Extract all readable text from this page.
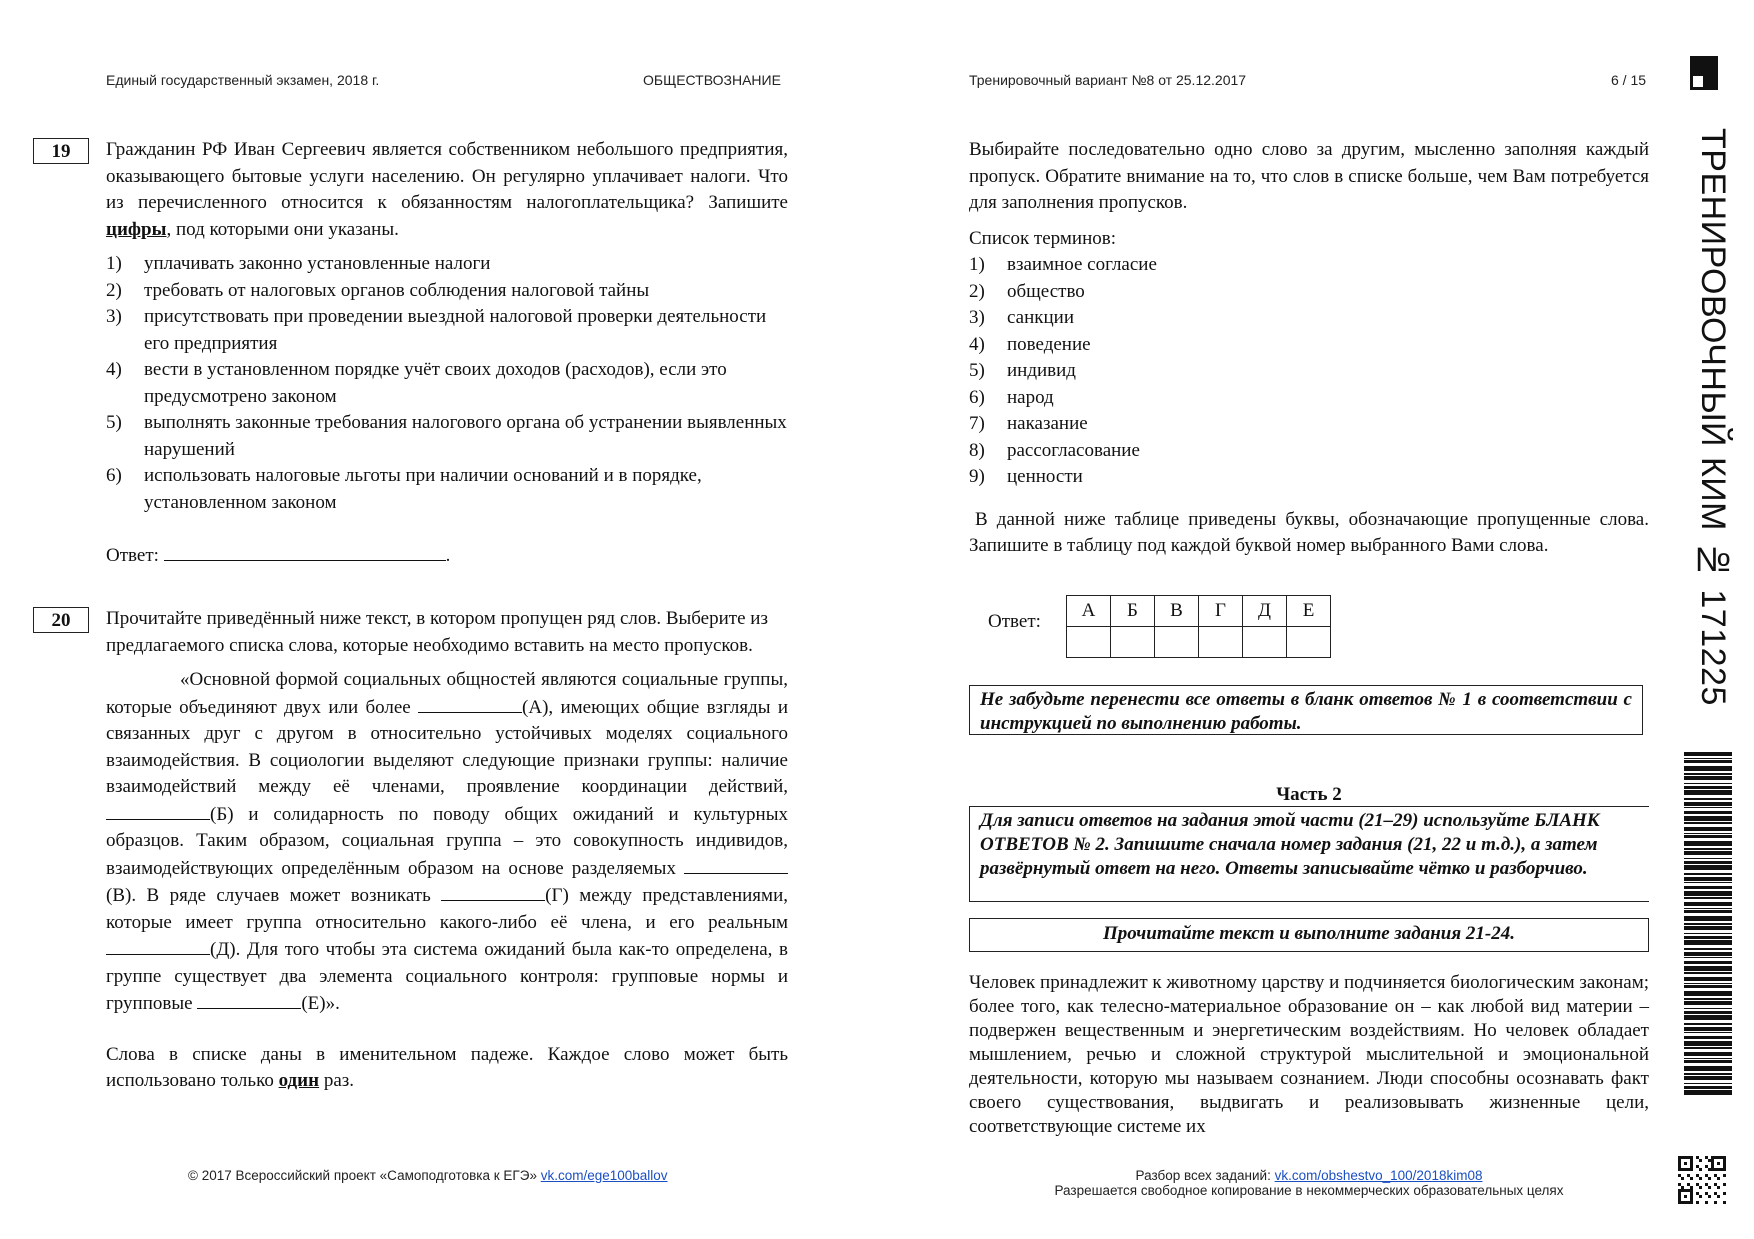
Единый государственный экзамен, 2018 г.	ОБЩЕСТВОЗНАНИЕ	Тренировочный вариант №8 от 25.12.2017	6 / 15
ТРЕНИРОВОЧНЫЙ КИМ № 171225
19	Гражданин РФ Иван Сергеевич является собственником небольшого предприятия, оказывающего бытовые услуги населению. Он регулярно уплачивает налоги. Что из перечисленного относится к обязанностям налогоплательщика? Запишите цифры, под которыми они указаны.
1)	уплачивать законно установленные налоги
2)	требовать от налоговых органов соблюдения налоговой тайны
3)	присутствовать при проведении выездной налоговой проверки деятельности его предприятия
4)	вести в установленном порядке учёт своих доходов (расходов), если это предусмотрено законом
5)	выполнять законные требования налогового органа об устранении выявленных нарушений
6)	использовать налоговые льготы при наличии оснований и в порядке, установленном законом
Ответ:	.
20	Прочитайте приведённый ниже текст, в котором пропущен ряд слов. Выберите из предлагаемого списка слова, которые необходимо вставить на место пропусков.
«Основной формой социальных общностей являются социальные группы, которые объединяют двух или более	(А), имеющих общие взгляды и связанных друг с другом в относительно устойчивых моделях социального взаимодействия. В социологии выделяют следующие признаки группы: наличие взаимодействий между её членами, проявление координации действий, (Б) и солидарность по поводу общих ожиданий и культурных образцов. Таким образом, социальная группа – это совокупность индивидов, взаимодействующих определённым образом на основе разделяемых (В). В ряде случаев может возникать	(Г) между представлениями, которые имеет группа относительно какого-либо её члена, и его реальным (Д). Для того чтобы эта система ожиданий была как-то определена, в группе существует два элемента социального контроля: групповые нормы и групповые	(Е)».
Слова в списке даны в именительном падеже. Каждое слово может быть использовано только один раз.
Выбирайте последовательно одно слово за другим, мысленно заполняя каждый пропуск. Обратите внимание на то, что слов в списке больше, чем Вам потребуется для заполнения пропусков.
Список терминов:
1)	взаимное согласие
2)	общество
3)	санкции
4)	поведение
5)	индивид
6)	народ
7)	наказание
8)	рассогласование
9)	ценности
В данной ниже таблице приведены буквы, обозначающие пропущенные слова. Запишите в таблицу под каждой буквой номер выбранного Вами слова.
Ответ:
А	Б	В	Г	Д	Е

Не забудьте перенести все ответы в бланк ответов № 1 в соответствии с инструкцией по выполнению работы.
Часть 2
Для записи ответов на задания этой части (21–29) используйте БЛАНК ОТВЕТОВ № 2. Запишите сначала номер задания (21, 22 и т.д.), а затем развёрнутый ответ на него. Ответы записывайте чётко и разборчиво.
Прочитайте текст и выполните задания 21-24.
Человек принадлежит к животному царству и подчиняется биологическим законам; более того, как телесно-материальное образование он – как любой вид материи – подвержен вещественным и энергетическим воздействиям. Но человек обладает мышлением, речью и сложной структурой мыслительной и эмоциональной деятельности, которую мы называем сознанием. Люди способны осознавать факт своего существования, выдвигать и реализовывать жизненные цели, соответствующие системе их
© 2017 Всероссийский проект «Самоподготовка к ЕГЭ» vk.com/ege100ballov	Разбор всех заданий: vk.com/obshestvo_100/2018kim08
Разрешается свободное копирование в некоммерческих образовательных целях
